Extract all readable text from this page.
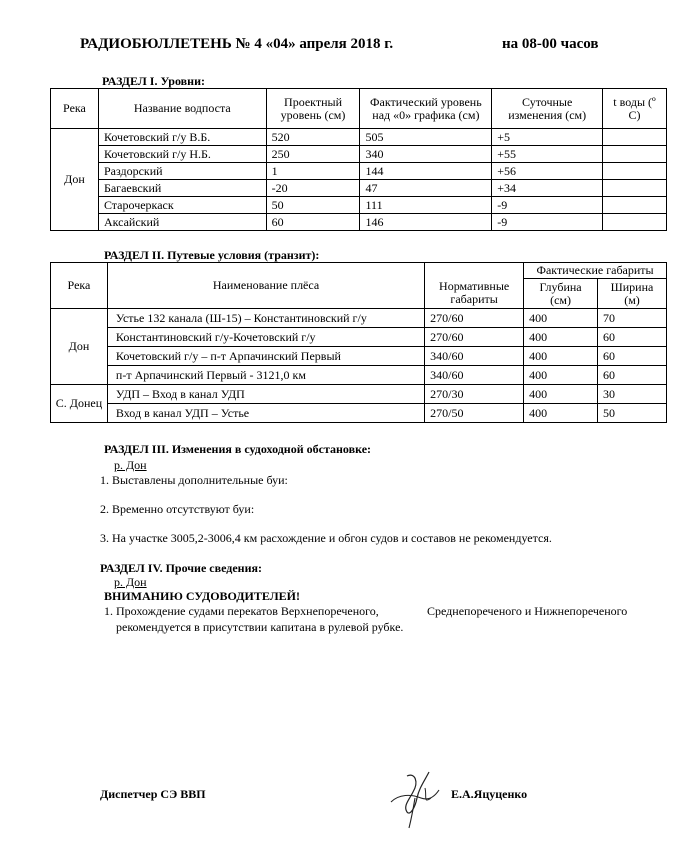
РАДИОБЮЛЛЕТЕНЬ № 4 «04» апреля 2018 г.	на 08-00 часов
РАЗДЕЛ I. Уровни:
Река	Название водпоста	Проектный уровень (см)	Фактический уровень над «0» графика (см)	Суточные изменения (см)	t воды (º С)
Дон	Кочетовский г/у В.Б.	520	505	+5	
	Кочетовский г/у Н.Б.	250	340	+55	
	Раздорский	1	144	+56	
	Багаевский	-20	47	+34	
	Старочеркаск	50	111	-9	
	Аксайский	60	146	-9	
РАЗДЕЛ II. Путевые условия (транзит):
Река	Наименование плёса	Нормативные габариты	Фактические габариты	
			Глубина (см)	Ширина (м)
Дон	Устье 132 канала (Ш-15) – Константиновский г/у	270/60	400	70
	Константиновский г/у-Кочетовский г/у	270/60	400	60
	Кочетовский г/у – п-т Арпачинский Первый	340/60	400	60
	п-т Арпачинский Первый - 3121,0 км	340/60	400	60
С. Донец	УДП – Вход в канал УДП	270/30	400	30
	Вход в канал УДП – Устье	270/50	400	50
РАЗДЕЛ III. Изменения в судоходной обстановке:
р. Дон
1. Выставлены дополнительные буи:
2. Временно отсутствуют буи:
3. На участке 3005,2-3006,4 км расхождение и обгон судов и составов не рекомендуется.
РАЗДЕЛ IV. Прочие сведения:
р. Дон
ВНИМАНИЮ СУДОВОДИТЕЛЕЙ!
1. Прохождение судами перекатов Верхнепореченого,	Среднепореченого и Нижнепореченого
рекомендуется в присутствии капитана в рулевой рубке.
Диспетчер СЭ ВВП	Е.А.Яцуценко
